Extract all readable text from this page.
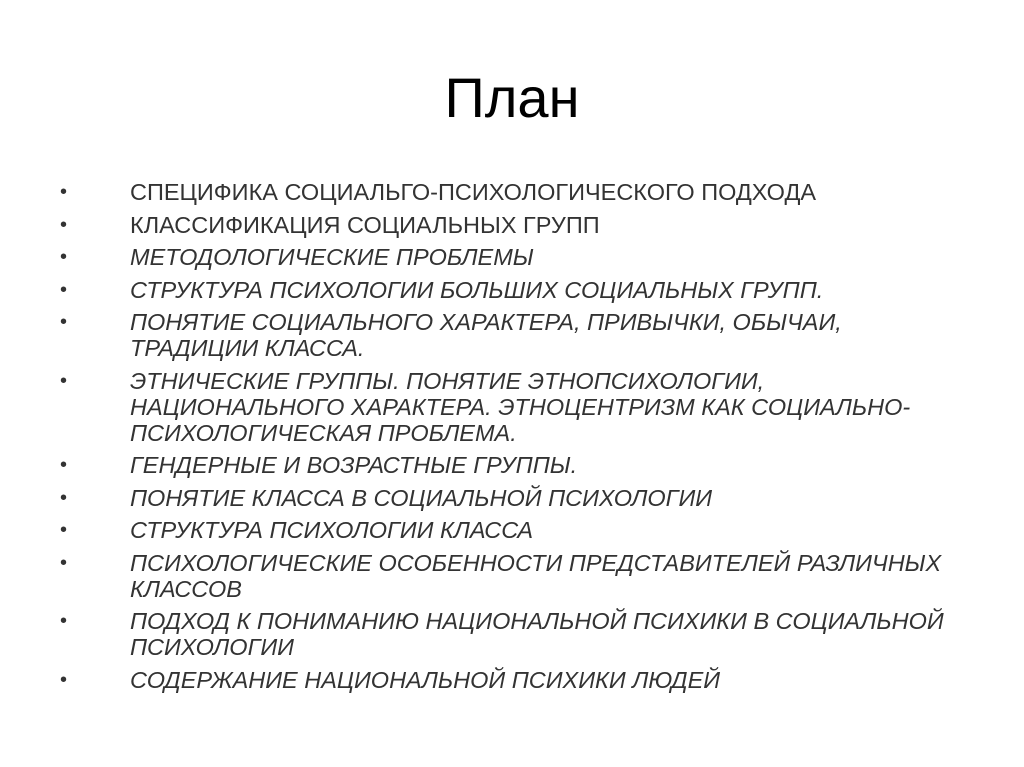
План
•	СПЕЦИФИКА СОЦИАЛЬГО-ПСИХОЛОГИЧЕСКОГО ПОДХОДА
•	КЛАССИФИКАЦИЯ СОЦИАЛЬНЫХ ГРУПП
•	МЕТОДОЛОГИЧЕСКИЕ ПРОБЛЕМЫ
•	СТРУКТУРА ПСИХОЛОГИИ БОЛЬШИХ СОЦИАЛЬНЫХ ГРУПП.
•	ПОНЯТИЕ СОЦИАЛЬНОГО ХАРАКТЕРА, ПРИВЫЧКИ, ОБЫЧАИ, ТРАДИЦИИ КЛАССА.
•	ЭТНИЧЕСКИЕ ГРУППЫ. ПОНЯТИЕ ЭТНОПСИХОЛОГИИ, НАЦИОНАЛЬНОГО ХАРАКТЕРА. ЭТНОЦЕНТРИЗМ КАК СОЦИАЛЬНО-ПСИХОЛОГИЧЕСКАЯ ПРОБЛЕМА.
•	ГЕНДЕРНЫЕ И ВОЗРАСТНЫЕ ГРУППЫ.
•	ПОНЯТИЕ КЛАССА В СОЦИАЛЬНОЙ ПСИХОЛОГИИ
•	СТРУКТУРА ПСИХОЛОГИИ КЛАССА
•	ПСИХОЛОГИЧЕСКИЕ ОСОБЕННОСТИ ПРЕДСТАВИТЕЛЕЙ РАЗЛИЧНЫХ КЛАССОВ
•	ПОДХОД К ПОНИМАНИЮ НАЦИОНАЛЬНОЙ ПСИХИКИ В СОЦИАЛЬНОЙ ПСИХОЛОГИИ
•	СОДЕРЖАНИЕ НАЦИОНАЛЬНОЙ ПСИХИКИ ЛЮДЕЙ
